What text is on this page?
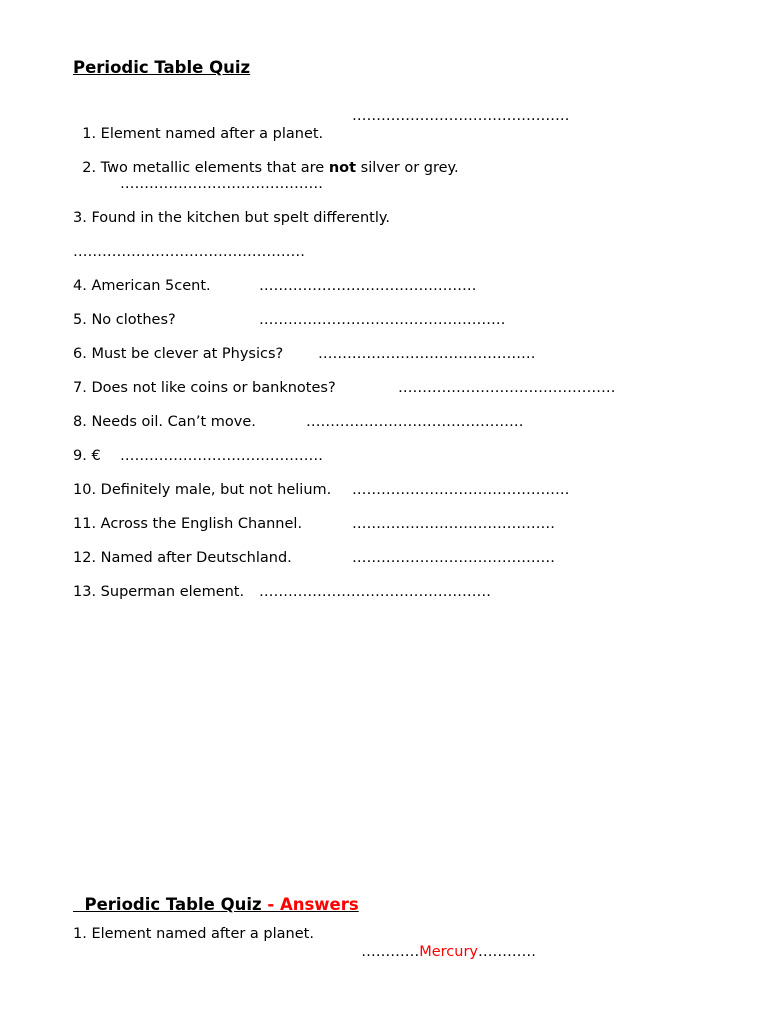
Periodic Table Quiz

1. Element named after a planet.

………………………………………

2. Two metallic elements that are not silver or grey.

……………………………………
3. Found in the kitchen but spelt differently.
…………………………………………
4. American 5cent.	………………………………………
5. No clothes?	……………………………………………
6. Must be clever at Physics? ………………………………………
7. Does not like coins or banknotes?	………………………………………
8. Needs oil. Can’t move.	………………………………………
9. € ……………………………………
10. Definitely male, but not helium. ………………………………………
11. Across the English Channel.	……………………………………
12. Named after Deutschland.	……………………………………
13. Superman element. …………………………………………

Periodic Table Quiz - Answers

1. Element named after a planet.

…………Mercury…………
